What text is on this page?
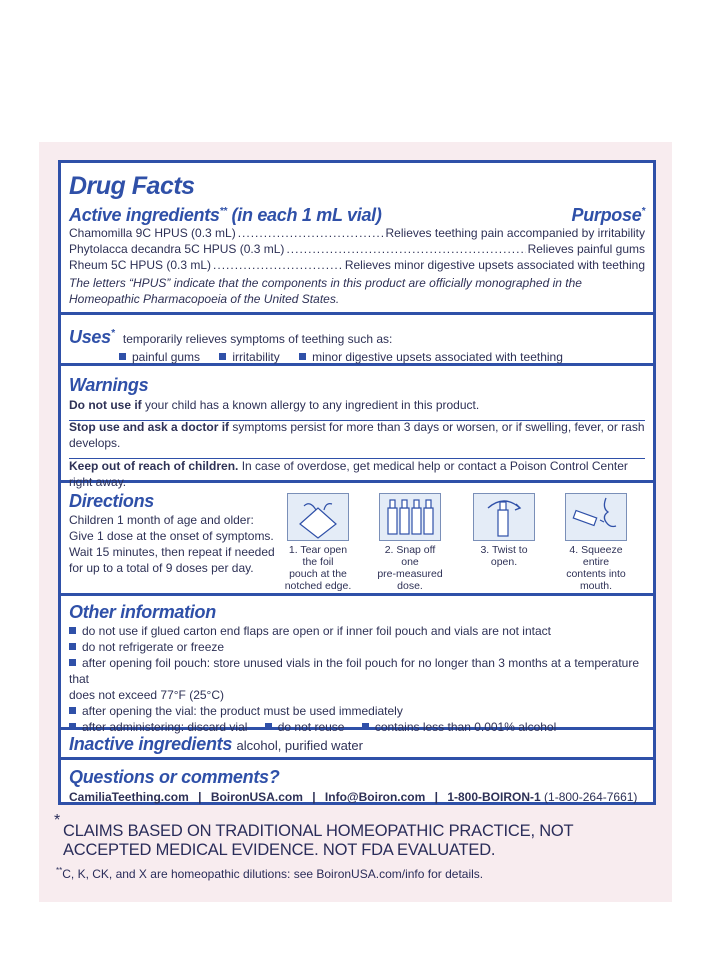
Drug Facts
Active ingredients** (in each 1 mL vial)	Purpose*
Chamomilla 9C HPUS (0.3 mL) .....	Relieves teething pain accompanied by irritability
Phytolacca decandra 5C HPUS (0.3 mL) .....	Relieves painful gums
Rheum 5C HPUS (0.3 mL) .....	Relieves minor digestive upsets associated with teething
The letters “HPUS” indicate that the components in this product are officially monographed in the
Homeopathic Pharmacopoeia of the United States.
Uses* temporarily relieves symptoms of teething such as:
painful gums	irritability	minor digestive upsets associated with teething
Warnings
Do not use if your child has a known allergy to any ingredient in this product.
Stop use and ask a doctor if symptoms persist for more than 3 days or worsen, or if swelling, fever, or rash
develops.
Keep out of reach of children. In case of overdose, get medical help or contact a Poison Control Center right away.
Directions
Children 1 month of age and older:
Give 1 dose at the onset of symptoms.
Wait 15 minutes, then repeat if needed
for up to a total of 9 doses per day.
1. Tear open the foil
pouch at the
notched edge.
2. Snap off one
pre-measured
dose.
3. Twist to open.
4. Squeeze entire
contents into
mouth.
Other information
do not use if glued carton end flaps are open or if inner foil pouch and vials are not intact
do not refrigerate or freeze
after opening foil pouch: store unused vials in the foil pouch for no longer than 3 months at a temperature that
does not exceed 77°F (25°C)
after opening the vial: the product must be used immediately
after administering: discard vial	do not reuse	contains less than 0.001% alcohol
Inactive ingredients alcohol, purified water
Questions or comments?
CamiliaTeething.com | BoironUSA.com | Info@Boiron.com | 1-800-BOIRON-1 (1-800-264-7661)
*
CLAIMS BASED ON TRADITIONAL HOMEOPATHIC PRACTICE, NOT ACCEPTED MEDICAL EVIDENCE. NOT FDA EVALUATED.
**C, K, CK, and X are homeopathic dilutions: see BoironUSA.com/info for details.
